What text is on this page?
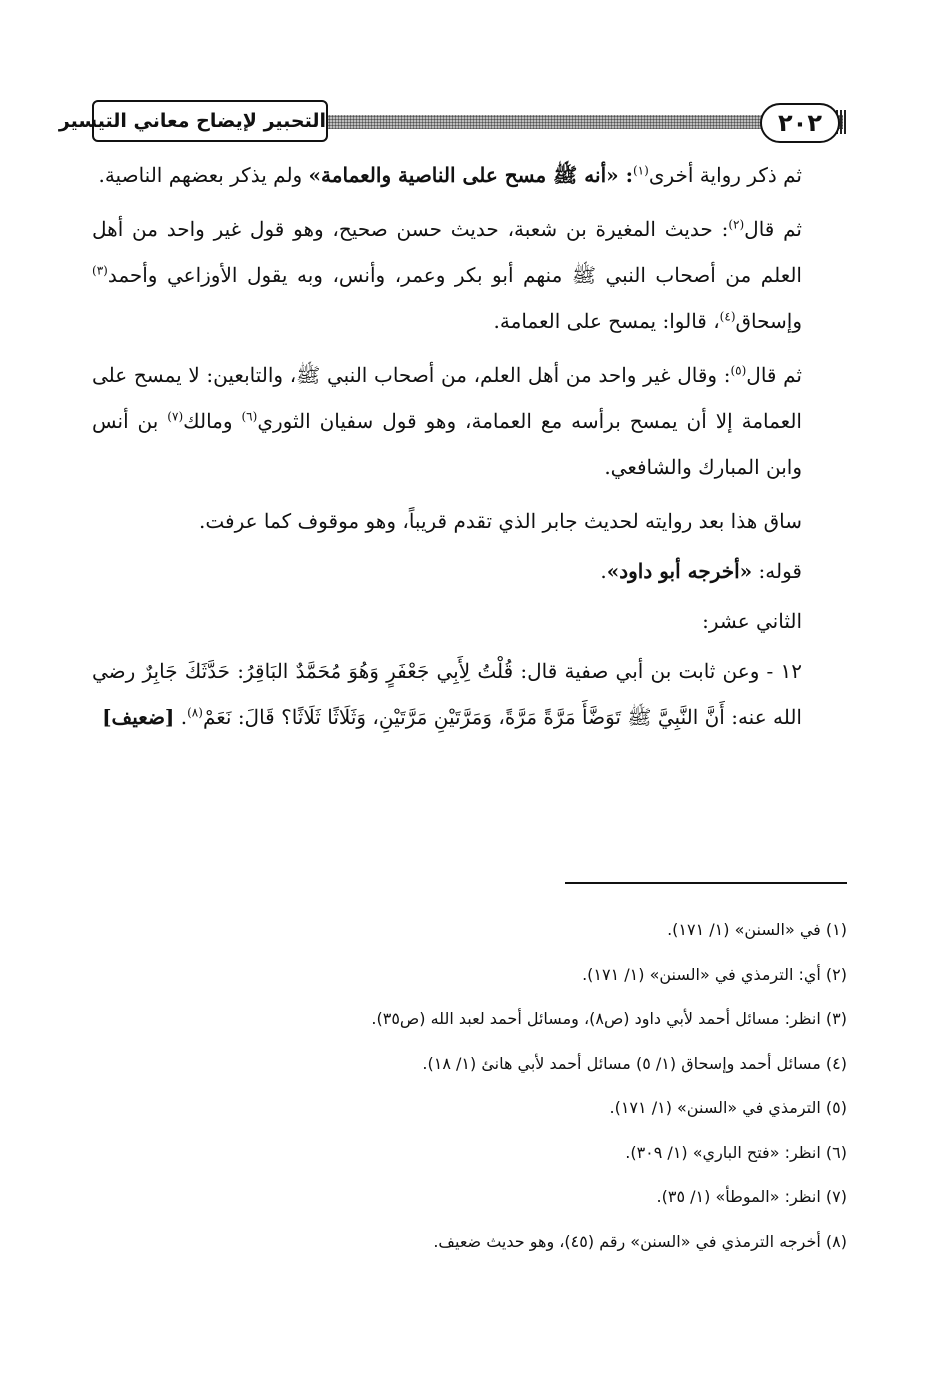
٢٠٢
التحبير لإيضاح معاني التيسير

ثم ذكر رواية أخرى$^{(١)}$: «أنه ﷺ مسح على الناصية والعمامة» ولم يذكر بعضهم الناصية.

ثم قال$^{(٢)}$: حديث المغيرة بن شعبة، حديث حسن صحيح، وهو قول غير واحد من أهل العلم من أصحاب النبي ﷺ منهم أبو بكر وعمر، وأنس، وبه يقول الأوزاعي وأحمد$^{(٣)}$ وإسحاق$^{(٤)}$، قالوا: يمسح على العمامة.

ثم قال$^{(٥)}$: وقال غير واحد من أهل العلم، من أصحاب النبي ﷺ، والتابعين: لا يمسح على العمامة إلا أن يمسح برأسه مع العمامة، وهو قول سفيان الثوري$^{(٦)}$ ومالك$^{(٧)}$ بن أنس وابن المبارك والشافعي.

ساق هذا بعد روايته لحديث جابر الذي تقدم قريباً، وهو موقوف كما عرفت.

قوله: «أخرجه أبو داود».

الثاني عشر:

١٢ - وعن ثابت بن أبي صفية قال: قُلْتُ لِأَبِي جَعْفَرٍ وَهُوَ مُحَمَّدٌ البَاقِرُ: حَدَّثَكَ جَابِرٌ رضي الله عنه: أَنَّ النَّبِيَّ ﷺ تَوَضَّأَ مَرَّةً مَرَّةً، وَمَرَّتَيْنِ مَرَّتَيْنِ، وَثَلَاثًا ثَلَاثًا؟ قَالَ: نَعَمْ$^{(٨)}$. [ضعيف]

(١) في «السنن» (١/ ١٧١).

(٢) أي: الترمذي في «السنن» (١/ ١٧١).

(٣) انظر: مسائل أحمد لأبي داود (ص٨)، ومسائل أحمد لعبد الله (ص٣٥).

(٤) مسائل أحمد وإسحاق (١/ ٥) مسائل أحمد لأبي هانئ (١/ ١٨).

(٥) الترمذي في «السنن» (١/ ١٧١).

(٦) انظر: «فتح الباري» (١/ ٣٠٩).

(٧) انظر: «الموطأ» (١/ ٣٥).

(٨) أخرجه الترمذي في «السنن» رقم (٤٥)، وهو حديث ضعيف.
